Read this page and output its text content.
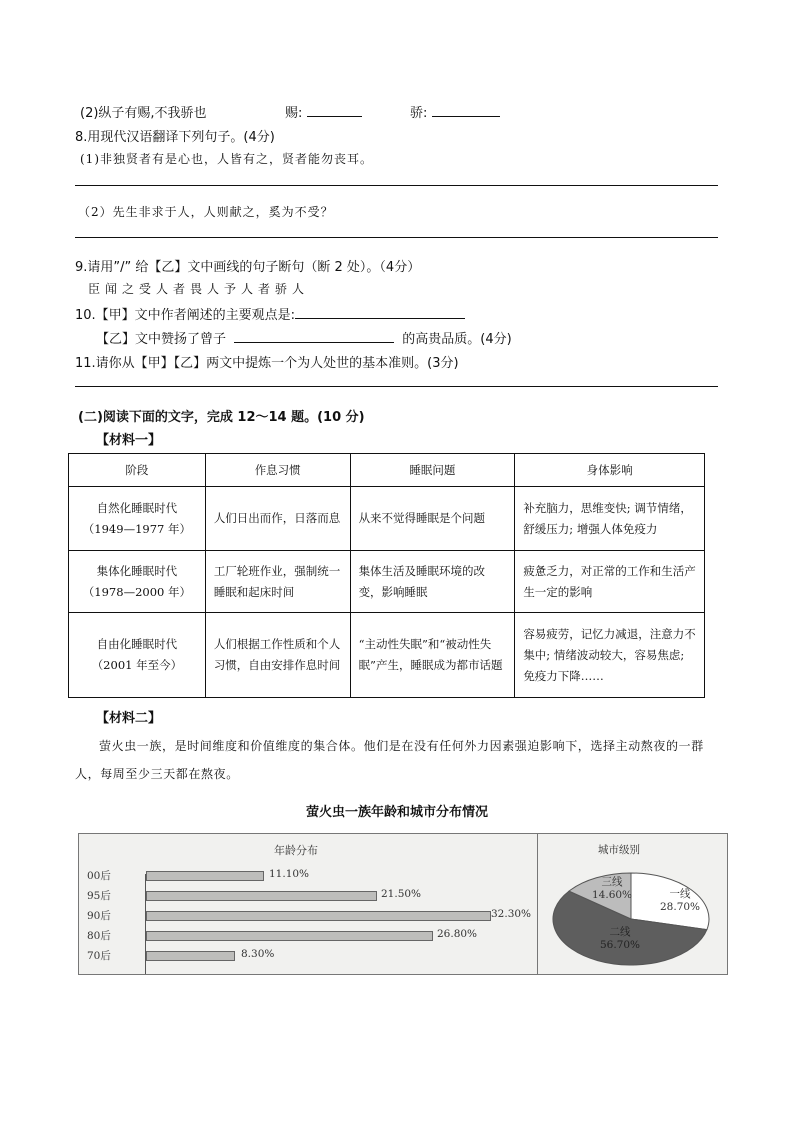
(2)纵子有赐,不我骄也	赐:	骄:
8.用现代汉语翻译下列句子。(4分)
(1)非独贤者有是心也，人皆有之，贤者能勿丧耳。
（2）先生非求于人，人则献之，奚为不受？
9.请用”/” 给【乙】文中画线的句子断句（断 2 处）。（4分）
臣闻之受人者畏人予人者骄人
10.【甲】文中作者阐述的主要观点是:
【乙】文中赞扬了曾子	的高贵品质。(4分)
11.请你从【甲】【乙】两文中提炼一个为人处世的基本准则。(3分)
(二)阅读下面的文字，完成 12～14 题。(10 分)
【材料一】
阶段	作息习惯	睡眠问题	身体影响

自然化睡眠时代
（1949—1977 年）	人们日出而作，日落而息	从来不觉得睡眠是个问题	补充脑力，思维变快; 调节情绪，舒缓压力; 增强人体免疫力

集体化睡眠时代
（1978—2000 年）	工厂轮班作业，强制统一睡眠和起床时间	集体生活及睡眠环境的改变，影响睡眠	疲惫乏力，对正常的工作和生活产生一定的影响

自由化睡眠时代
（2001 年至今）	人们根据工作性质和个人习惯，自由安排作息时间	“主动性失眠”和“被动性失眠”产生，睡眠成为都市话题	容易疲劳，记忆力减退，注意力不集中; 情绪波动较大，容易焦虑; 免疫力下降……
【材料二】
萤火虫一族，是时间维度和价值维度的集合体。他们是在没有任何外力因素强迫影响下，选择主动熬夜的一群人，每周至少三天都在熬夜。
萤火虫一族年龄和城市分布情况
年龄分布
00后	11.10%
95后	21.50%
90后	32.30%
80后	26.80%
70后	8.30%
城市级别
一线
28.70%
二线
56.70%
三线
14.60%
